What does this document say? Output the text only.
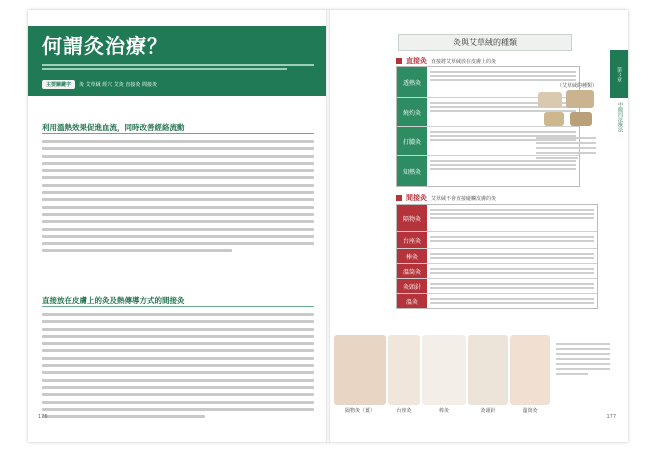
何謂灸治療？
主要關鍵字	灸 艾草絨 經穴 艾灸 直接灸 間接灸
利用溫熱效果促進血流，同時改善經絡流動
直接放在皮膚上的灸及熱傳導方式的間接灸
176
灸與艾草絨的種類
直接灸 直接將艾草絨放在皮膚上的灸
透熱灸
燒灼灸
打膿灸
知熱灸
（艾草絨的種類）
間接灸 艾草絨不會直接碰觸皮膚的灸
隔物灸
台座灸
棒灸
溫筒灸
灸頭針
溫灸
隔物灸（薑）	台座灸	棒灸	灸頭針	溫筒灸
第３章
中醫四法療法
177
